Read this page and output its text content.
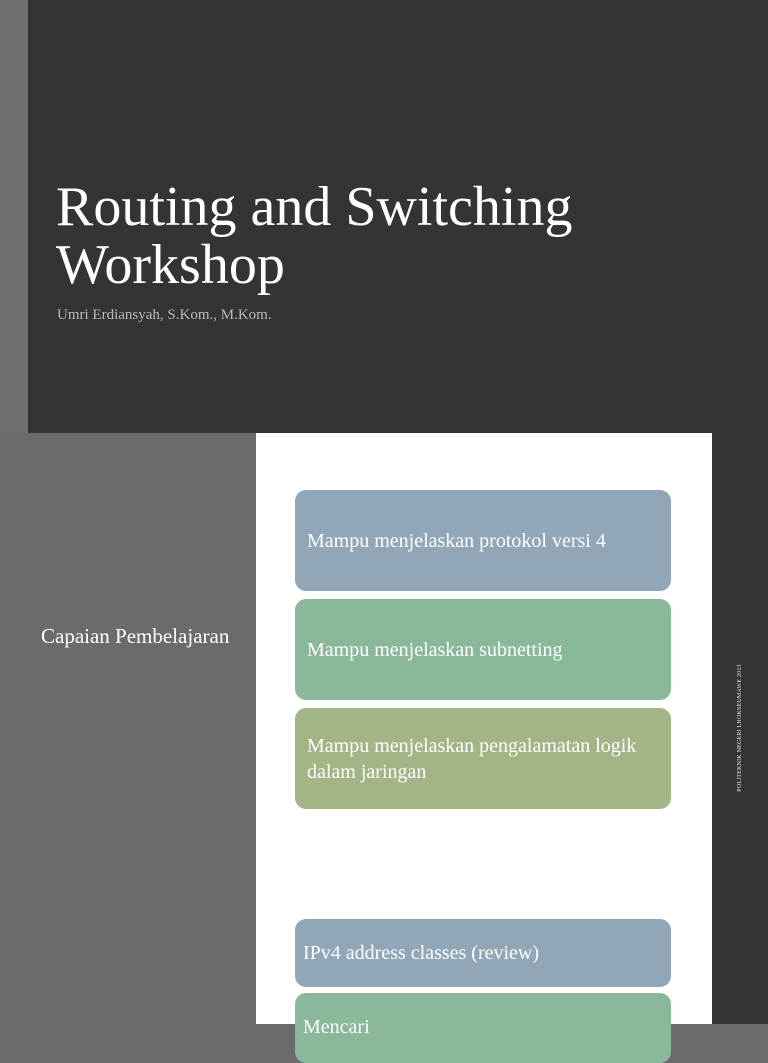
Routing and Switching Workshop
Umri Erdiansyah, S.Kom., M.Kom.
Capaian Pembelajaran
POLITEKNIK NEGERI LHOKSEUMAWE 2013
Mampu menjelaskan protokol versi 4
Mampu menjelaskan subnetting
Mampu menjelaskan pengalamatan logik dalam jaringan
IPv4 address classes (review)
Mencari
